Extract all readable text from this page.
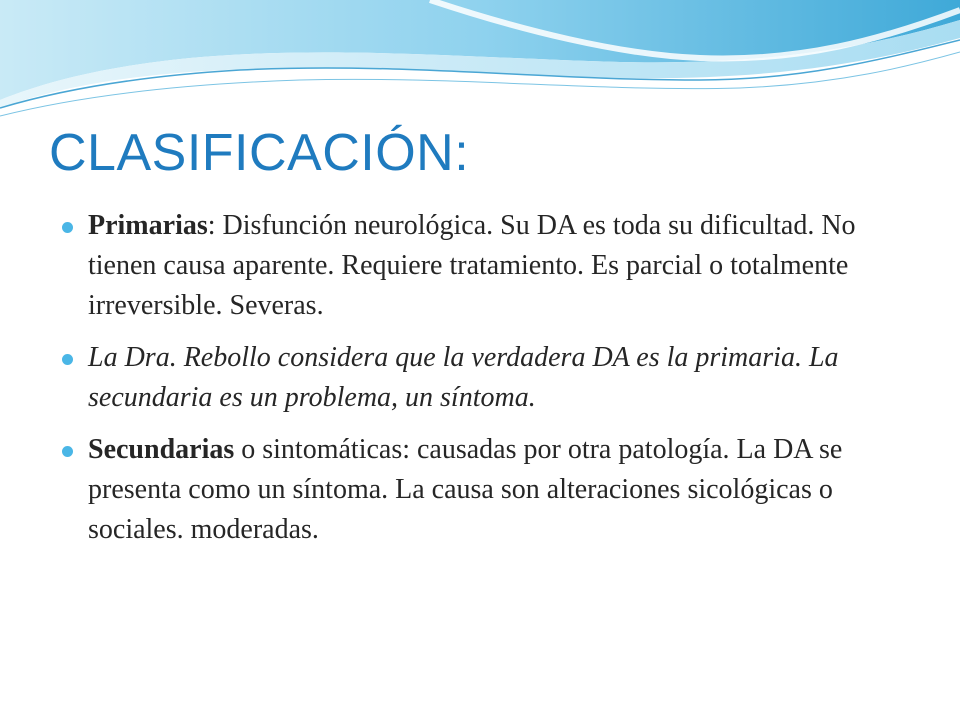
CLASIFICACIÓN:
Primarias: Disfunción neurológica. Su DA es toda su dificultad. No tienen causa aparente. Requiere tratamiento. Es parcial o totalmente irreversible. Severas.
La Dra. Rebollo considera que la verdadera DA es la primaria. La secundaria es un problema, un síntoma.
Secundarias o sintomáticas: causadas por otra patología. La DA se presenta como un síntoma. La causa son alteraciones sicológicas o sociales. moderadas.
